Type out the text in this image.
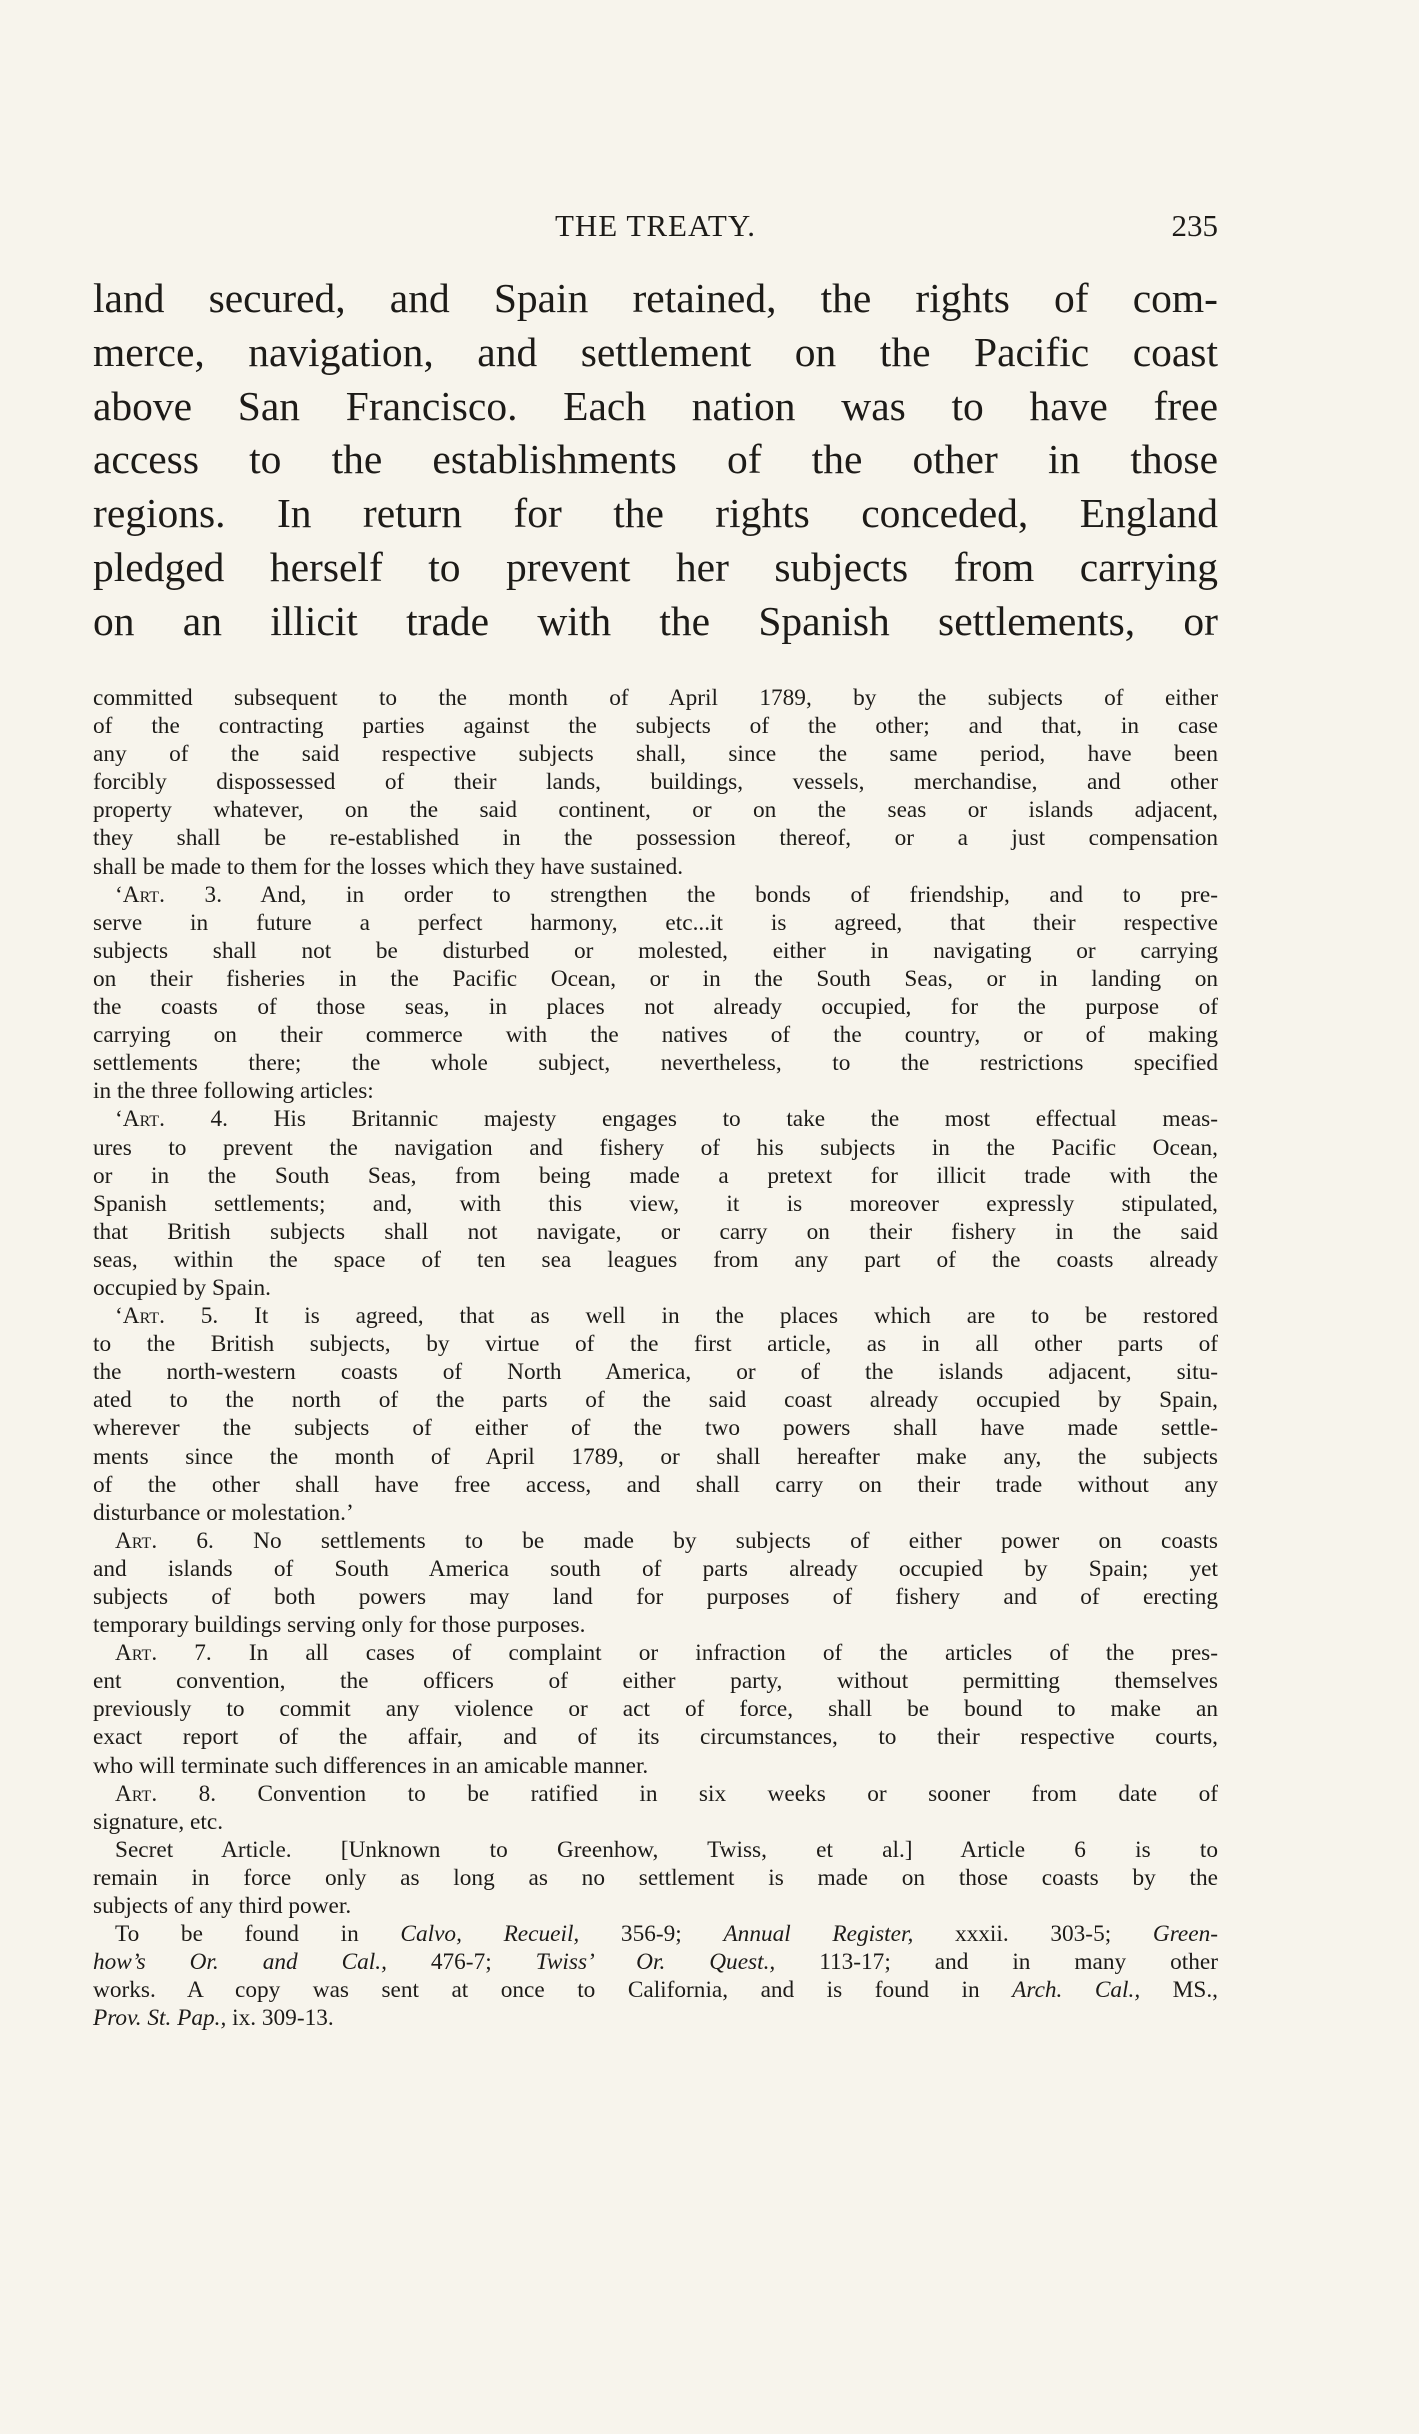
THE TREATY.	235

land secured, and Spain retained, the rights of com-
merce, navigation, and settlement on the Pacific coast
above San Francisco. Each nation was to have free
access to the establishments of the other in those
regions. In return for the rights conceded, England
pledged herself to prevent her subjects from carrying
on an illicit trade with the Spanish settlements, or

committed subsequent to the month of April 1789, by the subjects of either
of the contracting parties against the subjects of the other; and that, in case
any of the said respective subjects shall, since the same period, have been
forcibly dispossessed of their lands, buildings, vessels, merchandise, and other
property whatever, on the said continent, or on the seas or islands adjacent,
they shall be re-established in the possession thereof, or a just compensation
shall be made to them for the losses which they have sustained.
‘Art. 3. And, in order to strengthen the bonds of friendship, and to pre-
serve in future a perfect harmony, etc...it is agreed, that their respective
subjects shall not be disturbed or molested, either in navigating or carrying
on their fisheries in the Pacific Ocean, or in the South Seas, or in landing on
the coasts of those seas, in places not already occupied, for the purpose of
carrying on their commerce with the natives of the country, or of making
settlements there; the whole subject, nevertheless, to the restrictions specified
in the three following articles:
‘Art. 4. His Britannic majesty engages to take the most effectual meas-
ures to prevent the navigation and fishery of his subjects in the Pacific Ocean,
or in the South Seas, from being made a pretext for illicit trade with the
Spanish settlements; and, with this view, it is moreover expressly stipulated,
that British subjects shall not navigate, or carry on their fishery in the said
seas, within the space of ten sea leagues from any part of the coasts already
occupied by Spain.
‘Art. 5. It is agreed, that as well in the places which are to be restored
to the British subjects, by virtue of the first article, as in all other parts of
the north-western coasts of North America, or of the islands adjacent, situ-
ated to the north of the parts of the said coast already occupied by Spain,
wherever the subjects of either of the two powers shall have made settle-
ments since the month of April 1789, or shall hereafter make any, the subjects
of the other shall have free access, and shall carry on their trade without any
disturbance or molestation.’
Art. 6. No settlements to be made by subjects of either power on coasts
and islands of South America south of parts already occupied by Spain; yet
subjects of both powers may land for purposes of fishery and of erecting
temporary buildings serving only for those purposes.
Art. 7. In all cases of complaint or infraction of the articles of the pres-
ent convention, the officers of either party, without permitting themselves
previously to commit any violence or act of force, shall be bound to make an
exact report of the affair, and of its circumstances, to their respective courts,
who will terminate such differences in an amicable manner.
Art. 8. Convention to be ratified in six weeks or sooner from date of
signature, etc.
Secret Article. [Unknown to Greenhow, Twiss, et al.] Article 6 is to
remain in force only as long as no settlement is made on those coasts by the
subjects of any third power.
To be found in Calvo, Recueil, 356-9; Annual Register, xxxii. 303-5; Green-
how’s Or. and Cal., 476-7; Twiss’ Or. Quest., 113-17; and in many other
works. A copy was sent at once to California, and is found in Arch. Cal., MS.,
Prov. St. Pap., ix. 309-13.
